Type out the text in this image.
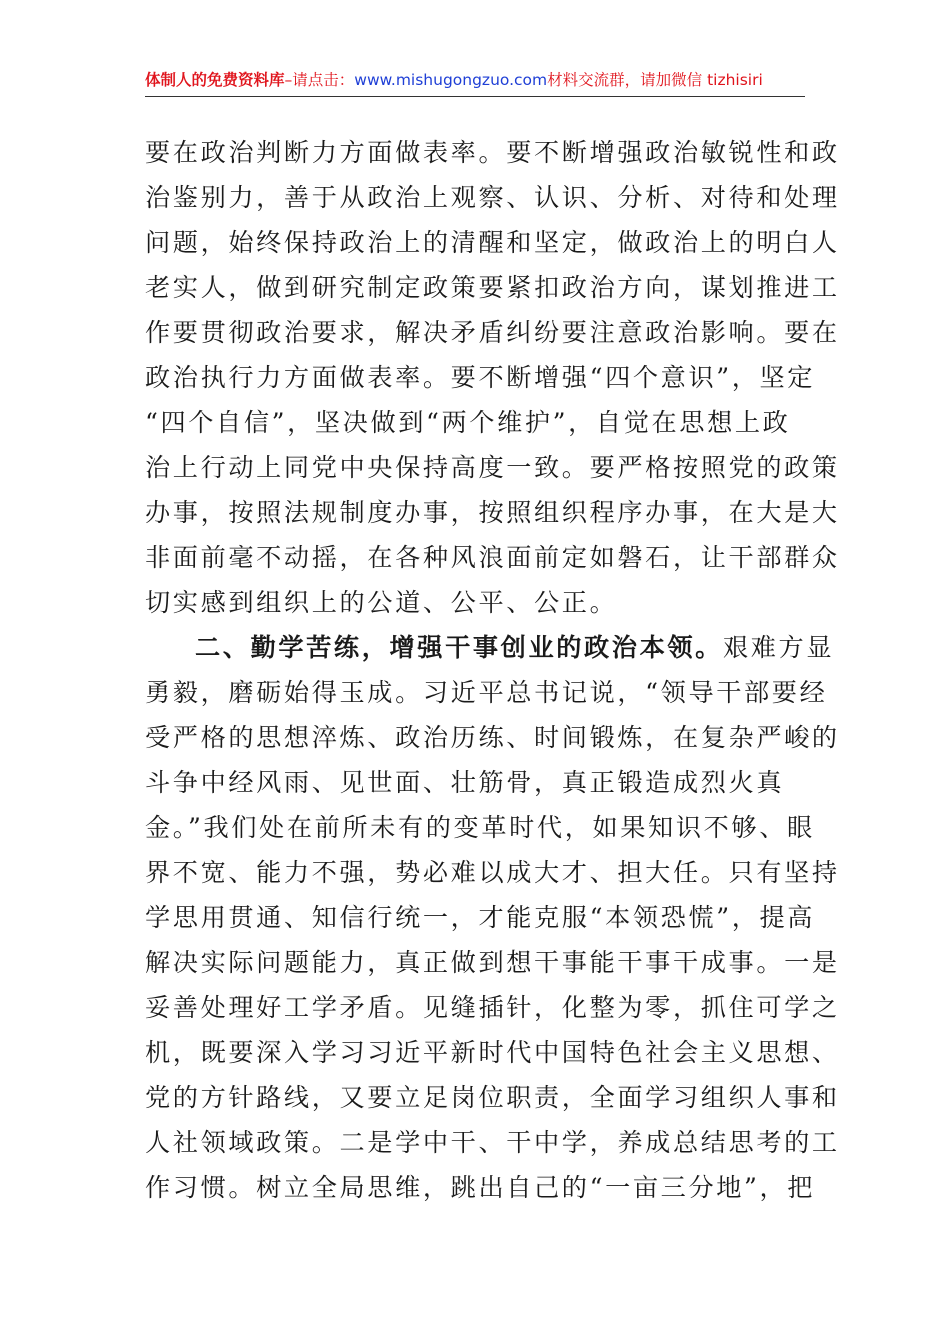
体制人的免费资料库–请点击：www.mishugongzuo.com材料交流群，请加微信 tizhisiri
要在政治判断力方面做表率。要不断增强政治敏锐性和政
治鉴别力，善于从政治上观察、认识、分析、对待和处理
问题，始终保持政治上的清醒和坚定，做政治上的明白人
老实人，做到研究制定政策要紧扣政治方向，谋划推进工
作要贯彻政治要求，解决矛盾纠纷要注意政治影响。要在
政治执行力方面做表率。要不断增强“四个意识”，坚定
“四个自信”，坚决做到“两个维护”，自觉在思想上政
治上行动上同党中央保持高度一致。要严格按照党的政策
办事，按照法规制度办事，按照组织程序办事，在大是大
非面前毫不动摇，在各种风浪面前定如磐石，让干部群众
切实感到组织上的公道、公平、公正。
二、勤学苦练，增强干事创业的政治本领。艰难方显
勇毅，磨砺始得玉成。习近平总书记说，“领导干部要经
受严格的思想淬炼、政治历练、时间锻炼，在复杂严峻的
斗争中经风雨、见世面、壮筋骨，真正锻造成烈火真
金。”我们处在前所未有的变革时代，如果知识不够、眼
界不宽、能力不强，势必难以成大才、担大任。只有坚持
学思用贯通、知信行统一，才能克服“本领恐慌”，提高
解决实际问题能力，真正做到想干事能干事干成事。一是
妥善处理好工学矛盾。见缝插针，化整为零，抓住可学之
机，既要深入学习习近平新时代中国特色社会主义思想、
党的方针路线，又要立足岗位职责，全面学习组织人事和
人社领域政策。二是学中干、干中学，养成总结思考的工
作习惯。树立全局思维，跳出自己的“一亩三分地”，把
